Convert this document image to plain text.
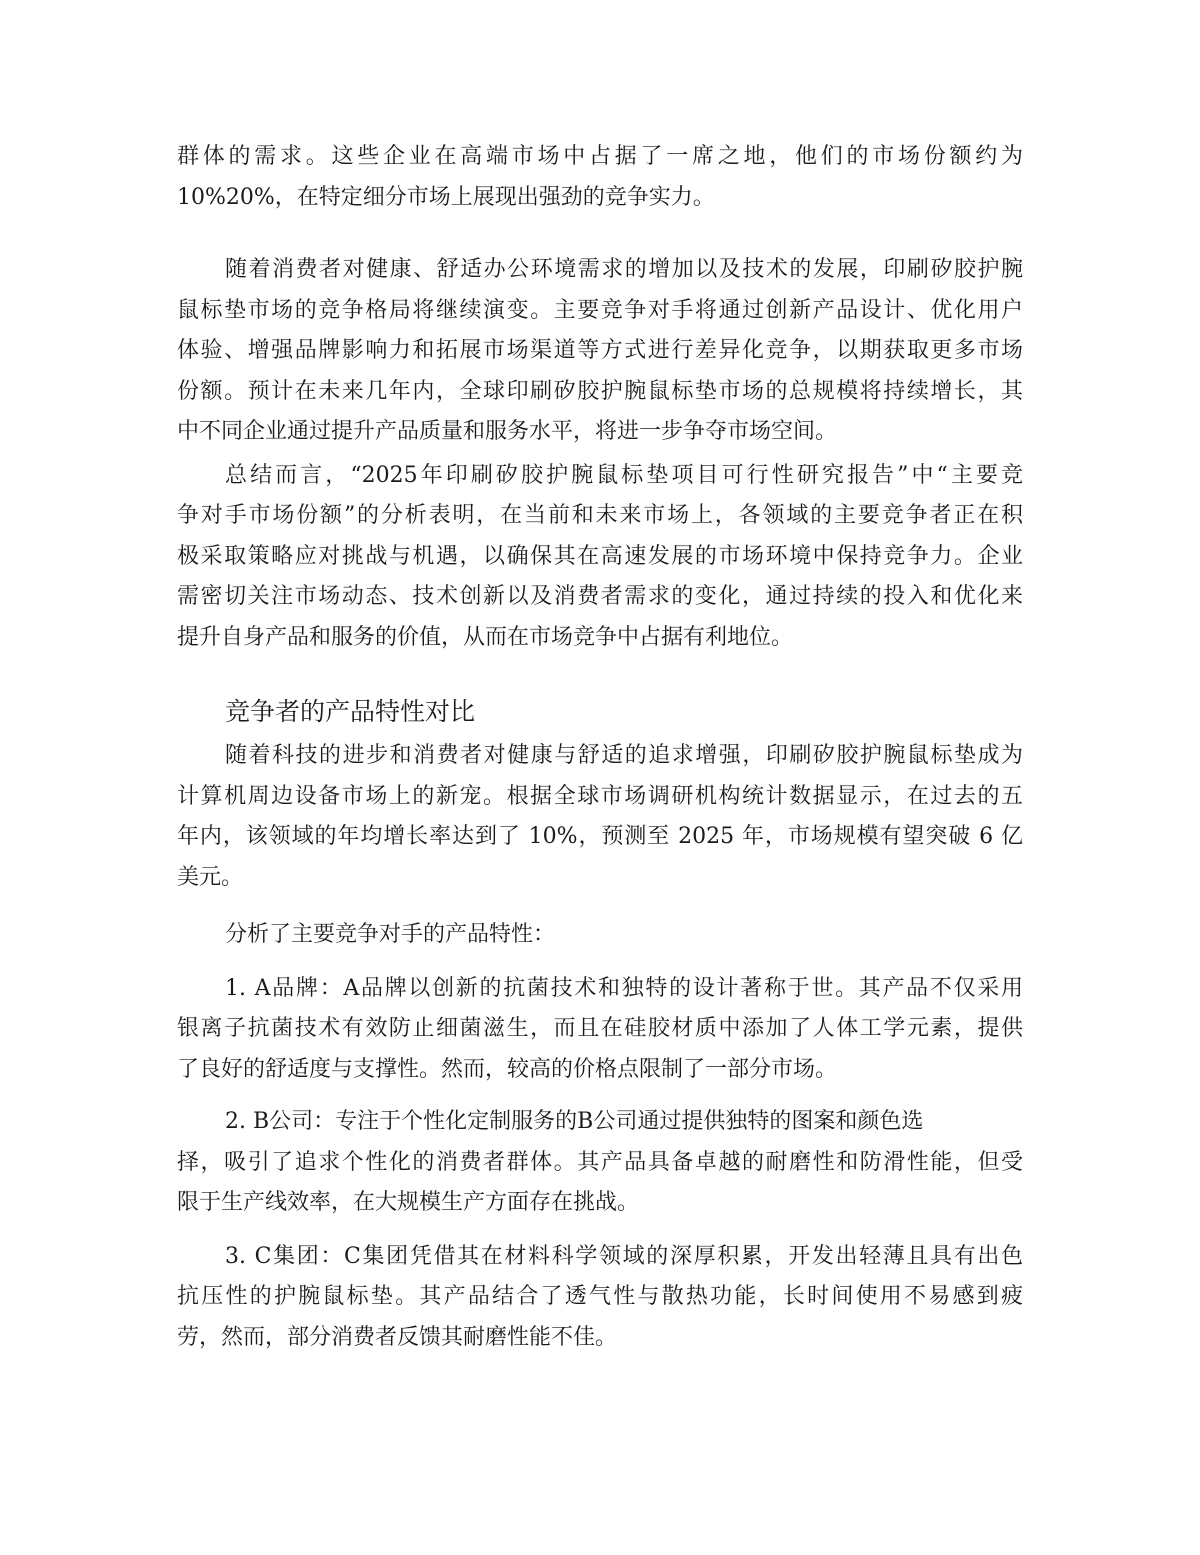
群体的需求。这些企业在高端市场中占据了一席之地，他们的市场份额约为
10%20%，在特定细分市场上展现出强劲的竞争实力。
随着消费者对健康、舒适办公环境需求的增加以及技术的发展，印刷矽胶护腕
鼠标垫市场的竞争格局将继续演变。主要竞争对手将通过创新产品设计、优化用户
体验、增强品牌影响力和拓展市场渠道等方式进行差异化竞争，以期获取更多市场
份额。预计在未来几年内，全球印刷矽胶护腕鼠标垫市场的总规模将持续增长，其
中不同企业通过提升产品质量和服务水平，将进一步争夺市场空间。
总结而言，“2025年印刷矽胶护腕鼠标垫项目可行性研究报告”中“主要竞
争对手市场份额”的分析表明，在当前和未来市场上，各领域的主要竞争者正在积
极采取策略应对挑战与机遇，以确保其在高速发展的市场环境中保持竞争力。企业
需密切关注市场动态、技术创新以及消费者需求的变化，通过持续的投入和优化来
提升自身产品和服务的价值，从而在市场竞争中占据有利地位。
竞争者的产品特性对比
随着科技的进步和消费者对健康与舒适的追求增强，印刷矽胶护腕鼠标垫成为
计算机周边设备市场上的新宠。根据全球市场调研机构统计数据显示，在过去的五
年内，该领域的年均增长率达到了 10%，预测至 2025 年，市场规模有望突破 6 亿
美元。
分析了主要竞争对手的产品特性：
1. A品牌：A品牌以创新的抗菌技术和独特的设计著称于世。其产品不仅采用
银离子抗菌技术有效防止细菌滋生，而且在硅胶材质中添加了人体工学元素，提供
了良好的舒适度与支撑性。然而，较高的价格点限制了一部分市场。
2. B公司：专注于个性化定制服务的B公司通过提供独特的图案和颜色选
择，吸引了追求个性化的消费者群体。其产品具备卓越的耐磨性和防滑性能，但受
限于生产线效率，在大规模生产方面存在挑战。
3. C集团：C集团凭借其在材料科学领域的深厚积累，开发出轻薄且具有出色
抗压性的护腕鼠标垫。其产品结合了透气性与散热功能，长时间使用不易感到疲
劳，然而，部分消费者反馈其耐磨性能不佳。
